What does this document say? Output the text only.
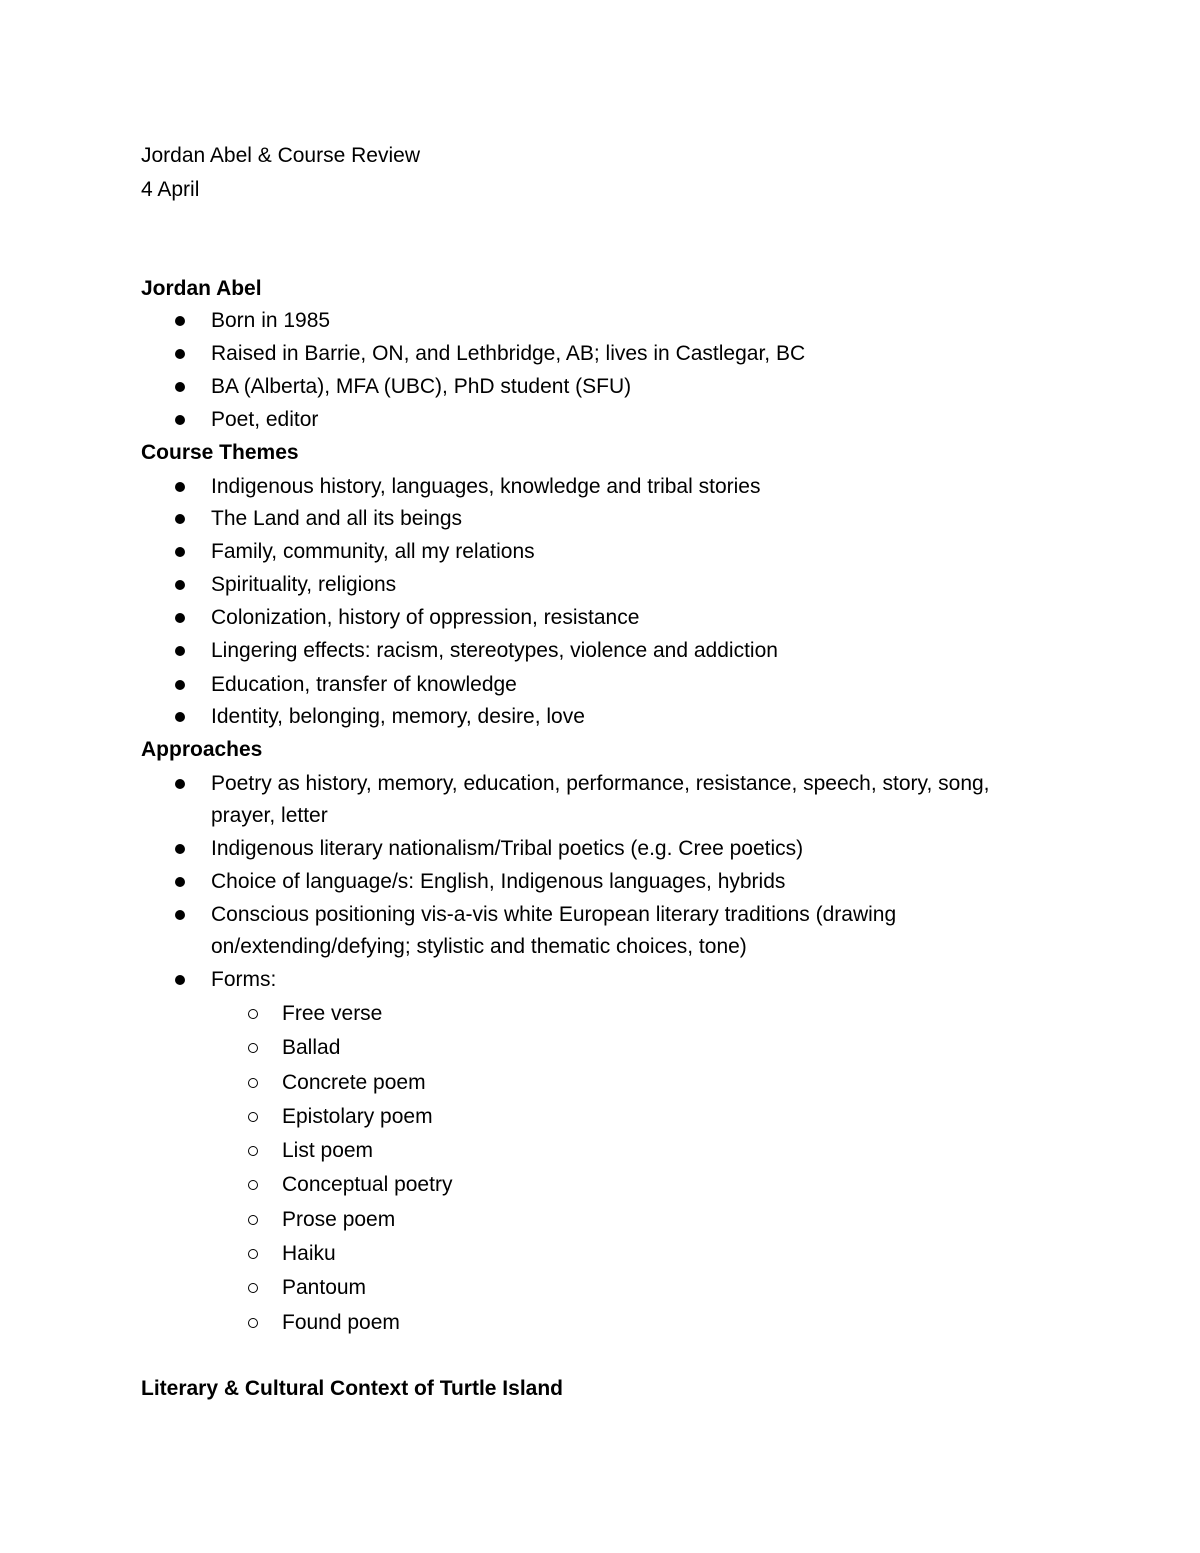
Jordan Abel & Course Review
4 April
Jordan Abel
Born in 1985
Raised in Barrie, ON, and Lethbridge, AB; lives in Castlegar, BC
BA (Alberta), MFA (UBC), PhD student (SFU)
Poet, editor
Course Themes
Indigenous history, languages, knowledge and tribal stories
The Land and all its beings
Family, community, all my relations
Spirituality, religions
Colonization, history of oppression, resistance
Lingering effects: racism, stereotypes, violence and addiction
Education, transfer of knowledge
Identity, belonging, memory, desire, love
Approaches
Poetry as history, memory, education, performance, resistance, speech, story, song,
prayer, letter
Indigenous literary nationalism/Tribal poetics (e.g. Cree poetics)
Choice of language/s: English, Indigenous languages, hybrids
Conscious positioning vis-a-vis white European literary traditions (drawing
on/extending/defying; stylistic and thematic choices, tone)
Forms:
Free verse
Ballad
Concrete poem
Epistolary poem
List poem
Conceptual poetry
Prose poem
Haiku
Pantoum
Found poem
Literary & Cultural Context of Turtle Island
